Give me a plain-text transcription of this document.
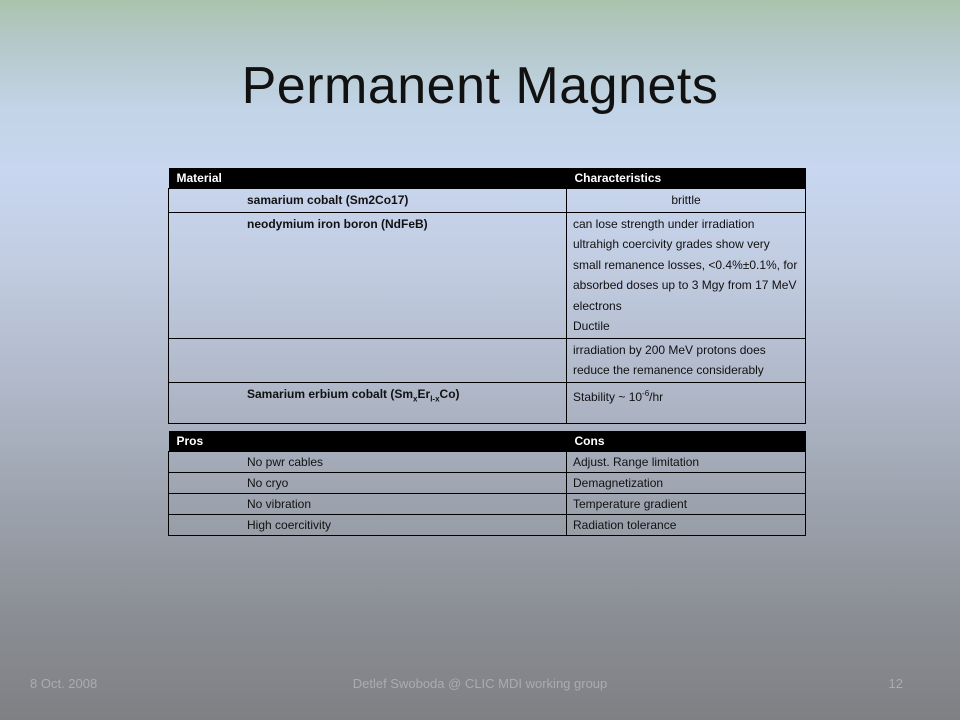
Permanent Magnets
Material	Characteristics
samarium cobalt (Sm2Co17)	brittle
neodymium iron boron (NdFeB)	can lose strength under irradiation
ultrahigh coercivity grades show very small remanence losses, <0.4%±0.1%, for absorbed doses up to 3 Mgy from 17 MeV electrons
Ductile

	irradiation by 200 MeV protons does reduce the remanence considerably
Samarium erbium cobalt $(Sm_xEr_{l-x}Co)$	Stability ~ $10^{-6}/hr$
Pros	Cons
No pwr cables	Adjust. Range limitation
No cryo	Demagnetization
No vibration	Temperature gradient
High coercitivity	Radiation tolerance
8 Oct. 2008	Detlef Swoboda @ CLIC MDI working group	12
